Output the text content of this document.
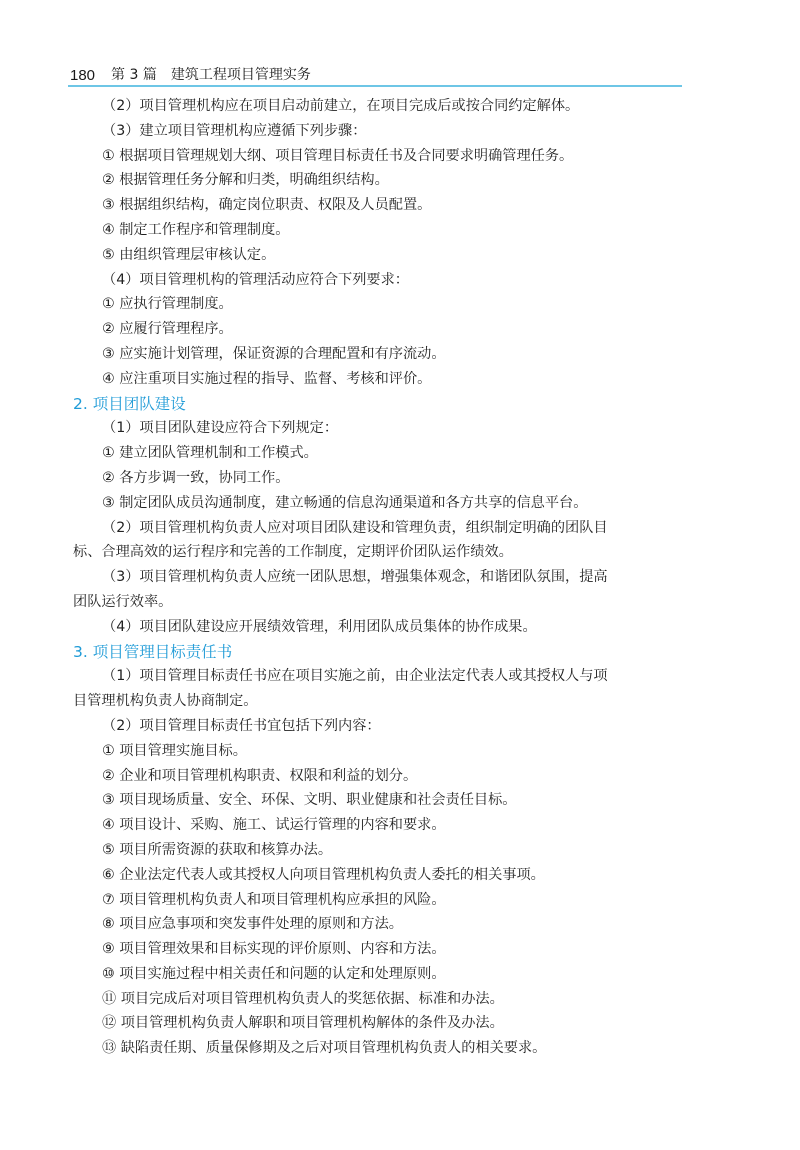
180 第 3 篇 建筑工程项目管理实务
（2）项目管理机构应在项目启动前建立，在项目完成后或按合同约定解体。
（3）建立项目管理机构应遵循下列步骤：
① 根据项目管理规划大纲、项目管理目标责任书及合同要求明确管理任务。
② 根据管理任务分解和归类，明确组织结构。
③ 根据组织结构，确定岗位职责、权限及人员配置。
④ 制定工作程序和管理制度。
⑤ 由组织管理层审核认定。
（4）项目管理机构的管理活动应符合下列要求：
① 应执行管理制度。
② 应履行管理程序。
③ 应实施计划管理，保证资源的合理配置和有序流动。
④ 应注重项目实施过程的指导、监督、考核和评价。
2. 项目团队建设
（1）项目团队建设应符合下列规定：
① 建立团队管理机制和工作模式。
② 各方步调一致，协同工作。
③ 制定团队成员沟通制度，建立畅通的信息沟通渠道和各方共享的信息平台。
（2）项目管理机构负责人应对项目团队建设和管理负责，组织制定明确的团队目
标、合理高效的运行程序和完善的工作制度，定期评价团队运作绩效。
（3）项目管理机构负责人应统一团队思想，增强集体观念，和谐团队氛围，提高
团队运行效率。
（4）项目团队建设应开展绩效管理，利用团队成员集体的协作成果。
3. 项目管理目标责任书
（1）项目管理目标责任书应在项目实施之前，由企业法定代表人或其授权人与项
目管理机构负责人协商制定。
（2）项目管理目标责任书宜包括下列内容：
① 项目管理实施目标。
② 企业和项目管理机构职责、权限和利益的划分。
③ 项目现场质量、安全、环保、文明、职业健康和社会责任目标。
④ 项目设计、采购、施工、试运行管理的内容和要求。
⑤ 项目所需资源的获取和核算办法。
⑥ 企业法定代表人或其授权人向项目管理机构负责人委托的相关事项。
⑦ 项目管理机构负责人和项目管理机构应承担的风险。
⑧ 项目应急事项和突发事件处理的原则和方法。
⑨ 项目管理效果和目标实现的评价原则、内容和方法。
⑩ 项目实施过程中相关责任和问题的认定和处理原则。
⑪ 项目完成后对项目管理机构负责人的奖惩依据、标准和办法。
⑫ 项目管理机构负责人解职和项目管理机构解体的条件及办法。
⑬ 缺陷责任期、质量保修期及之后对项目管理机构负责人的相关要求。
